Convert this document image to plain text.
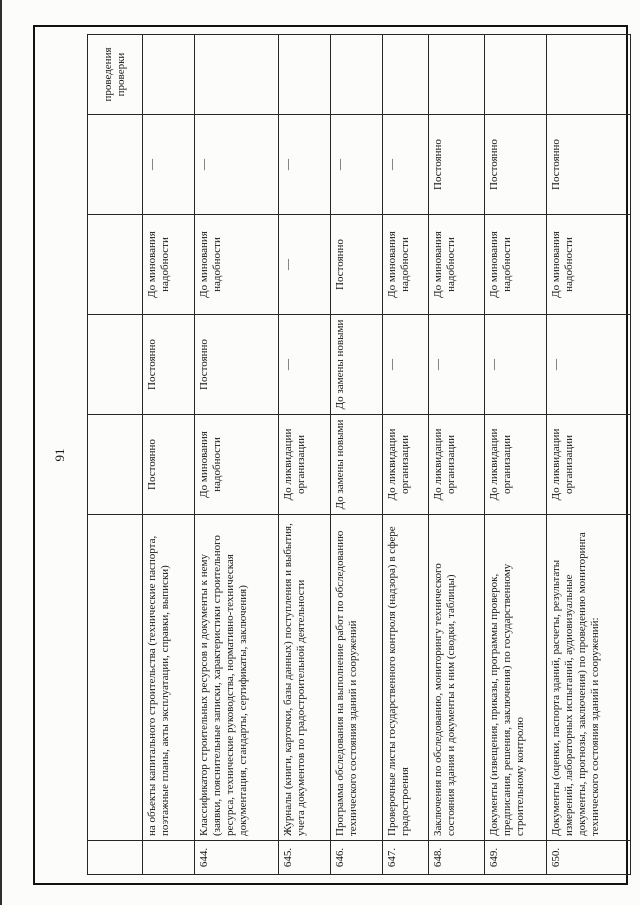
91
						проведения проверки
	на объекты капитального строительства (технические паспорта, поэтажные планы, акты эксплуатации, справки, выписки)	Постоянно	Постоянно	До минования надобности	—	
644.	Классификатор строительных ресурсов и документы к нему (заявки, пояснительные записки, характеристики строительного ресурса, технические руководства, нормативно-техническая документация, стандарты, сертификаты, заключения)	До минования надобности	Постоянно	До минования надобности	—	
645.	Журналы (книги, карточки, базы данных) поступления и выбытия, учета документов по градостроительной деятельности	До ликвидации организации	—	—	—	
646.	Программа обследования на выполнение работ по обследованию технического состояния зданий и сооружений	До замены новыми	До замены новыми	Постоянно	—	
647.	Проверочные листы государственного контроля (надзора) в сфере градостроения	До ликвидации организации	—	До минования надобности	—	
648.	Заключения по обследованию, мониторингу технического состояния здания и документы к ним (сводки, таблицы)	До ликвидации организации	—	До минования надобности	Постоянно	
649.	Документы (извещения, приказы, программы проверок, предписания, решения, заключения) по государственному строительному контролю	До ликвидации организации	—	До минования надобности	Постоянно	
650.	Документы (оценки, паспорта зданий, расчеты, результаты измерений, лабораторных испытаний, аудиовизуальные документы, прогнозы, заключения) по проведению мониторинга технического состояния зданий и сооружений:	До ликвидации организации	—	До минования надобности	Постоянно	
